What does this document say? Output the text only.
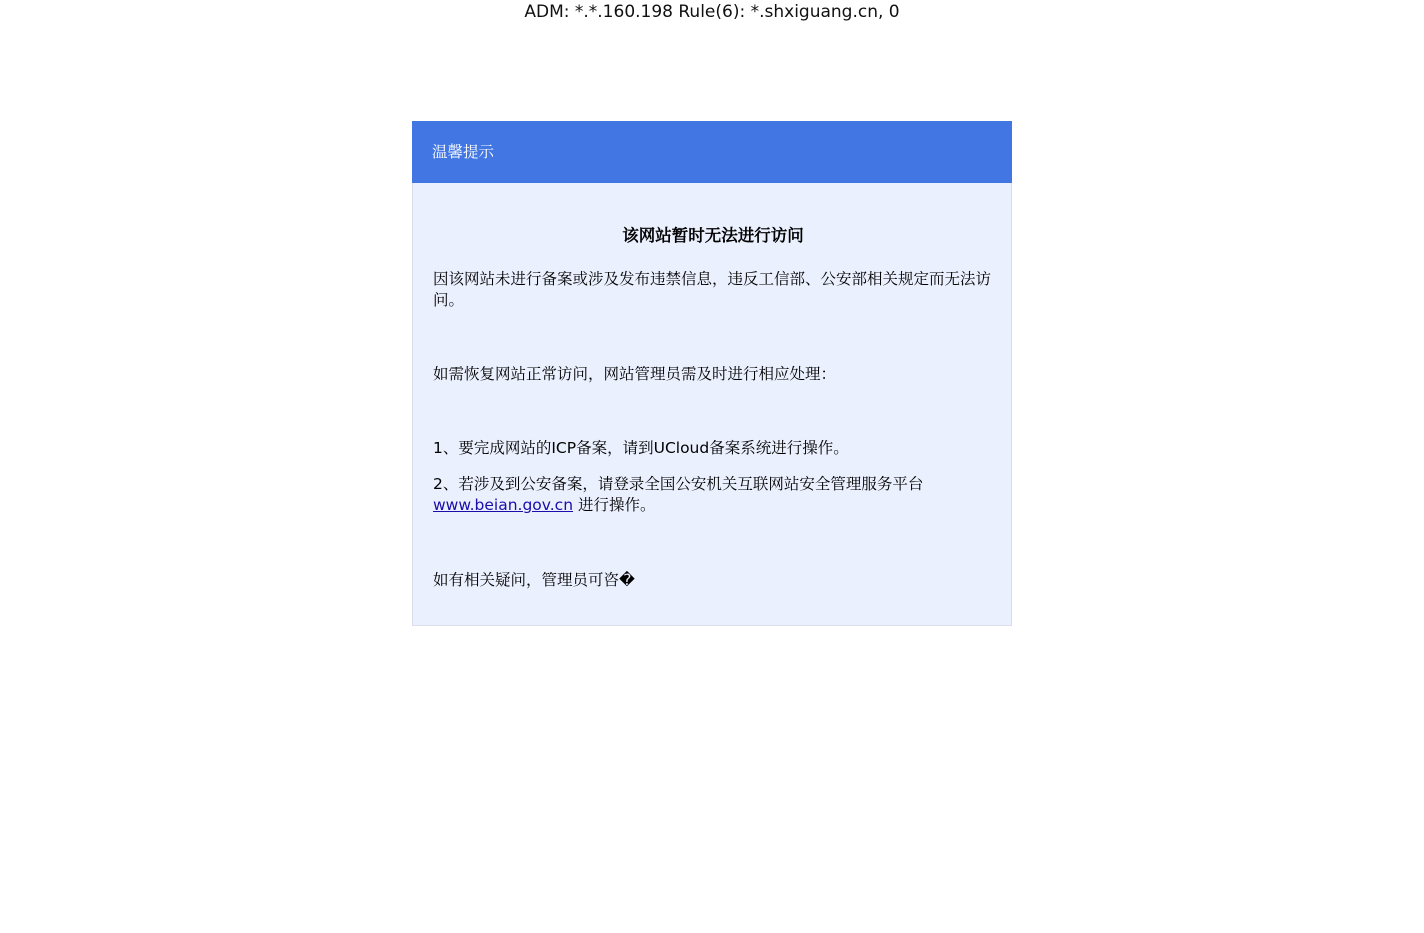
ADM: *.*.160.198 Rule(6): *.shxiguang.cn, 0
温馨提示
该网站暂时无法进行访问

因该网站未进行备案或涉及发布违禁信息，违反工信部、公安部相关规定而无法访问。

如需恢复网站正常访问，网站管理员需及时进行相应处理：

1、要完成网站的ICP备案，请到UCloud备案系统进行操作。

2、若涉及到公安备案，请登录全国公安机关互联网站安全管理服务平台
www.beian.gov.cn 进行操作。

如有相关疑问，管理员可咨�
